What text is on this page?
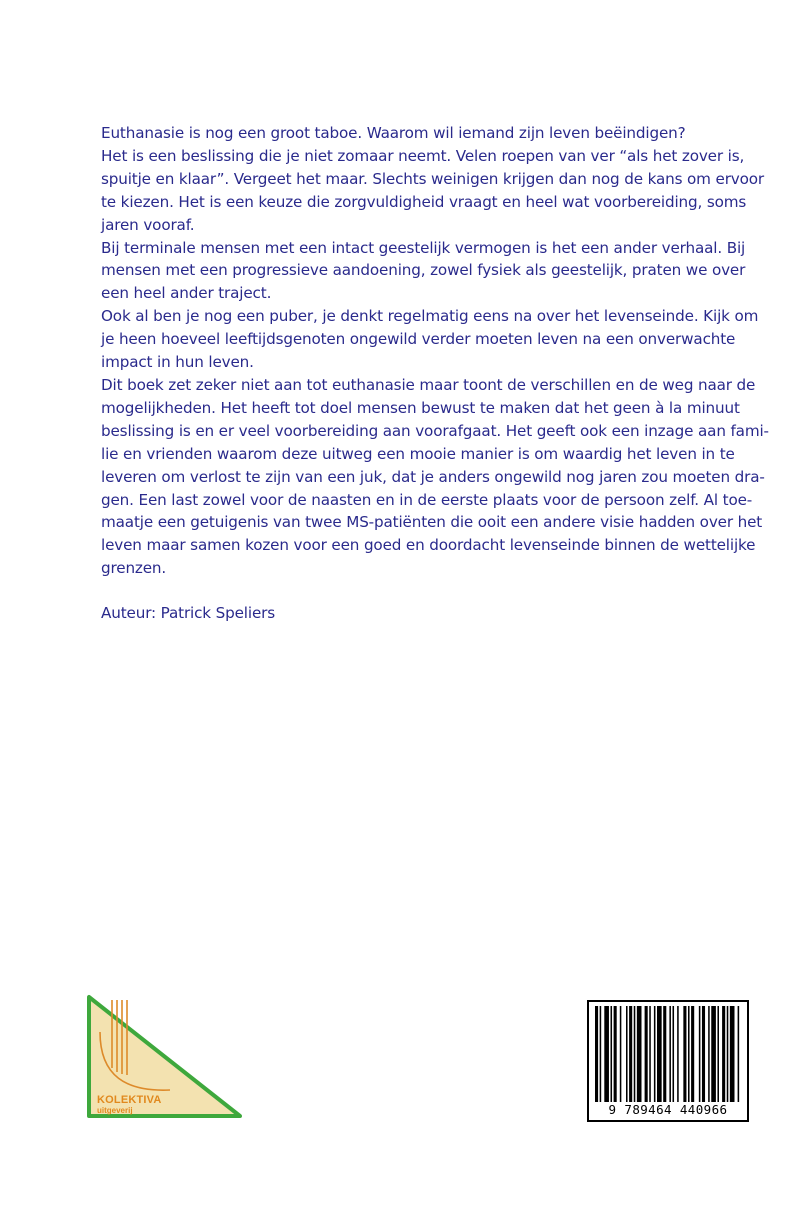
Euthanasie is nog een groot taboe. Waarom wil iemand zijn leven beëindigen?

Het is een beslissing die je niet zomaar neemt. Velen roepen van ver “als het zover is,
spuitje en klaar”. Vergeet het maar. Slechts weinigen krijgen dan nog de kans om ervoor
te kiezen. Het is een keuze die zorgvuldigheid vraagt en heel wat voorbereiding, soms
jaren vooraf.

Bij terminale mensen met een intact geestelijk vermogen is het een ander verhaal. Bij
mensen met een progressieve aandoening, zowel fysiek als geestelijk, praten we over
een heel ander traject.

Ook al ben je nog een puber, je denkt regelmatig eens na over het levenseinde. Kijk om
je heen hoeveel leeftijdsgenoten ongewild verder moeten leven na een onverwachte
impact in hun leven.

Dit boek zet zeker niet aan tot euthanasie maar toont de verschillen en de weg naar de
mogelijkheden. Het heeft tot doel mensen bewust te maken dat het geen à la minuut
beslissing is en er veel voorbereiding aan voorafgaat. Het geeft ook een inzage aan fami-
lie en vrienden waarom deze uitweg een mooie manier is om waardig het leven in te
leveren om verlost te zijn van een juk, dat je anders ongewild nog jaren zou moeten dra-
gen. Een last zowel voor de naasten en in de eerste plaats voor de persoon zelf. Al toe-
maatje een getuigenis van twee MS-patiënten die ooit een andere visie hadden over het
leven maar samen kozen voor een goed en doordacht levenseinde binnen de wettelijke
grenzen.

Auteur: Patrick Speliers

KOLEKTIVA
uitgeverij	9 789464 440966
